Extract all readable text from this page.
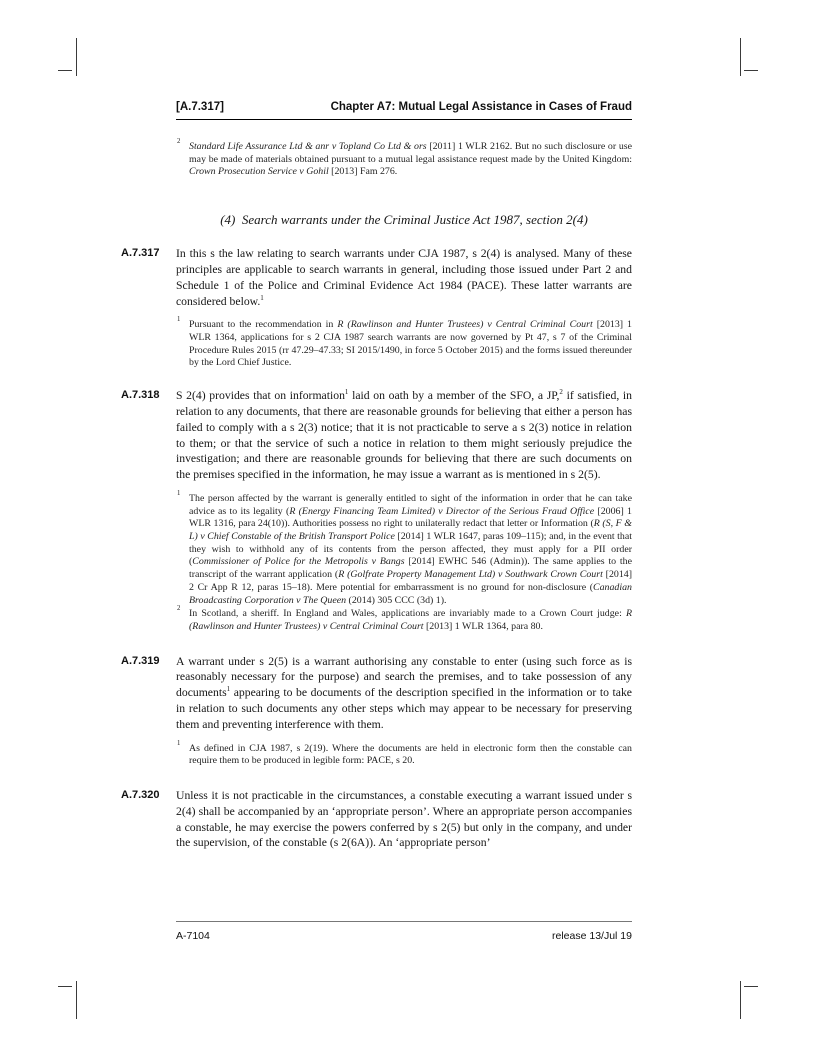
[A.7.317]	Chapter A7: Mutual Legal Assistance in Cases of Fraud
2 Standard Life Assurance Ltd & anr v Topland Co Ltd & ors [2011] 1 WLR 2162. But no such disclosure or use may be made of materials obtained pursuant to a mutual legal assistance request made by the United Kingdom: Crown Prosecution Service v Gohil [2013] Fam 276.
(4) Search warrants under the Criminal Justice Act 1987, section 2(4)
A.7.317 In this s the law relating to search warrants under CJA 1987, s 2(4) is analysed. Many of these principles are applicable to search warrants in general, including those issued under Part 2 and Schedule 1 of the Police and Criminal Evidence Act 1984 (PACE). These latter warrants are considered below.$^1$
1 Pursuant to the recommendation in R (Rawlinson and Hunter Trustees) v Central Criminal Court [2013] 1 WLR 1364, applications for s 2 CJA 1987 search warrants are now governed by Pt 47, s 7 of the Criminal Procedure Rules 2015 (rr 47.29–47.33; SI 2015/1490, in force 5 October 2015) and the forms issued thereunder by the Lord Chief Justice.
A.7.318 S 2(4) provides that on information$^1$ laid on oath by a member of the SFO, a JP,$^2$ if satisfied, in relation to any documents, that there are reasonable grounds for believing that either a person has failed to comply with a s 2(3) notice; that it is not practicable to serve a s 2(3) notice in relation to them; or that the service of such a notice in relation to them might seriously prejudice the investigation; and there are reasonable grounds for believing that there are such documents on the premises specified in the information, he may issue a warrant as is mentioned in s 2(5).
1 The person affected by the warrant is generally entitled to sight of the information in order that he can take advice as to its legality (R (Energy Financing Team Limited) v Director of the Serious Fraud Office [2006] 1 WLR 1316, para 24(10)). Authorities possess no right to unilaterally redact that letter or Information (R (S, F & L) v Chief Constable of the British Transport Police [2014] 1 WLR 1647, paras 109–115); and, in the event that they wish to withhold any of its contents from the person affected, they must apply for a PII order (Commissioner of Police for the Metropolis v Bangs [2014] EWHC 546 (Admin)). The same applies to the transcript of the warrant application (R (Golfrate Property Management Ltd) v Southwark Crown Court [2014] 2 Cr App R 12, paras 15–18). Mere potential for embarrassment is no ground for non-disclosure (Canadian Broadcasting Corporation v The Queen (2014) 305 CCC (3d) 1).
2 In Scotland, a sheriff. In England and Wales, applications are invariably made to a Crown Court judge: R (Rawlinson and Hunter Trustees) v Central Criminal Court [2013] 1 WLR 1364, para 80.
A.7.319 A warrant under s 2(5) is a warrant authorising any constable to enter (using such force as is reasonably necessary for the purpose) and search the premises, and to take possession of any documents$^1$ appearing to be documents of the description specified in the information or to take in relation to such documents any other steps which may appear to be necessary for preserving them and preventing interference with them.
1 As defined in CJA 1987, s 2(19). Where the documents are held in electronic form then the constable can require them to be produced in legible form: PACE, s 20.
A.7.320 Unless it is not practicable in the circumstances, a constable executing a warrant issued under s 2(4) shall be accompanied by an ‘appropriate person’. Where an appropriate person accompanies a constable, he may exercise the powers conferred by s 2(5) but only in the company, and under the supervision, of the constable (s 2(6A)). An ‘appropriate person’
A-7104	release 13/Jul 19
